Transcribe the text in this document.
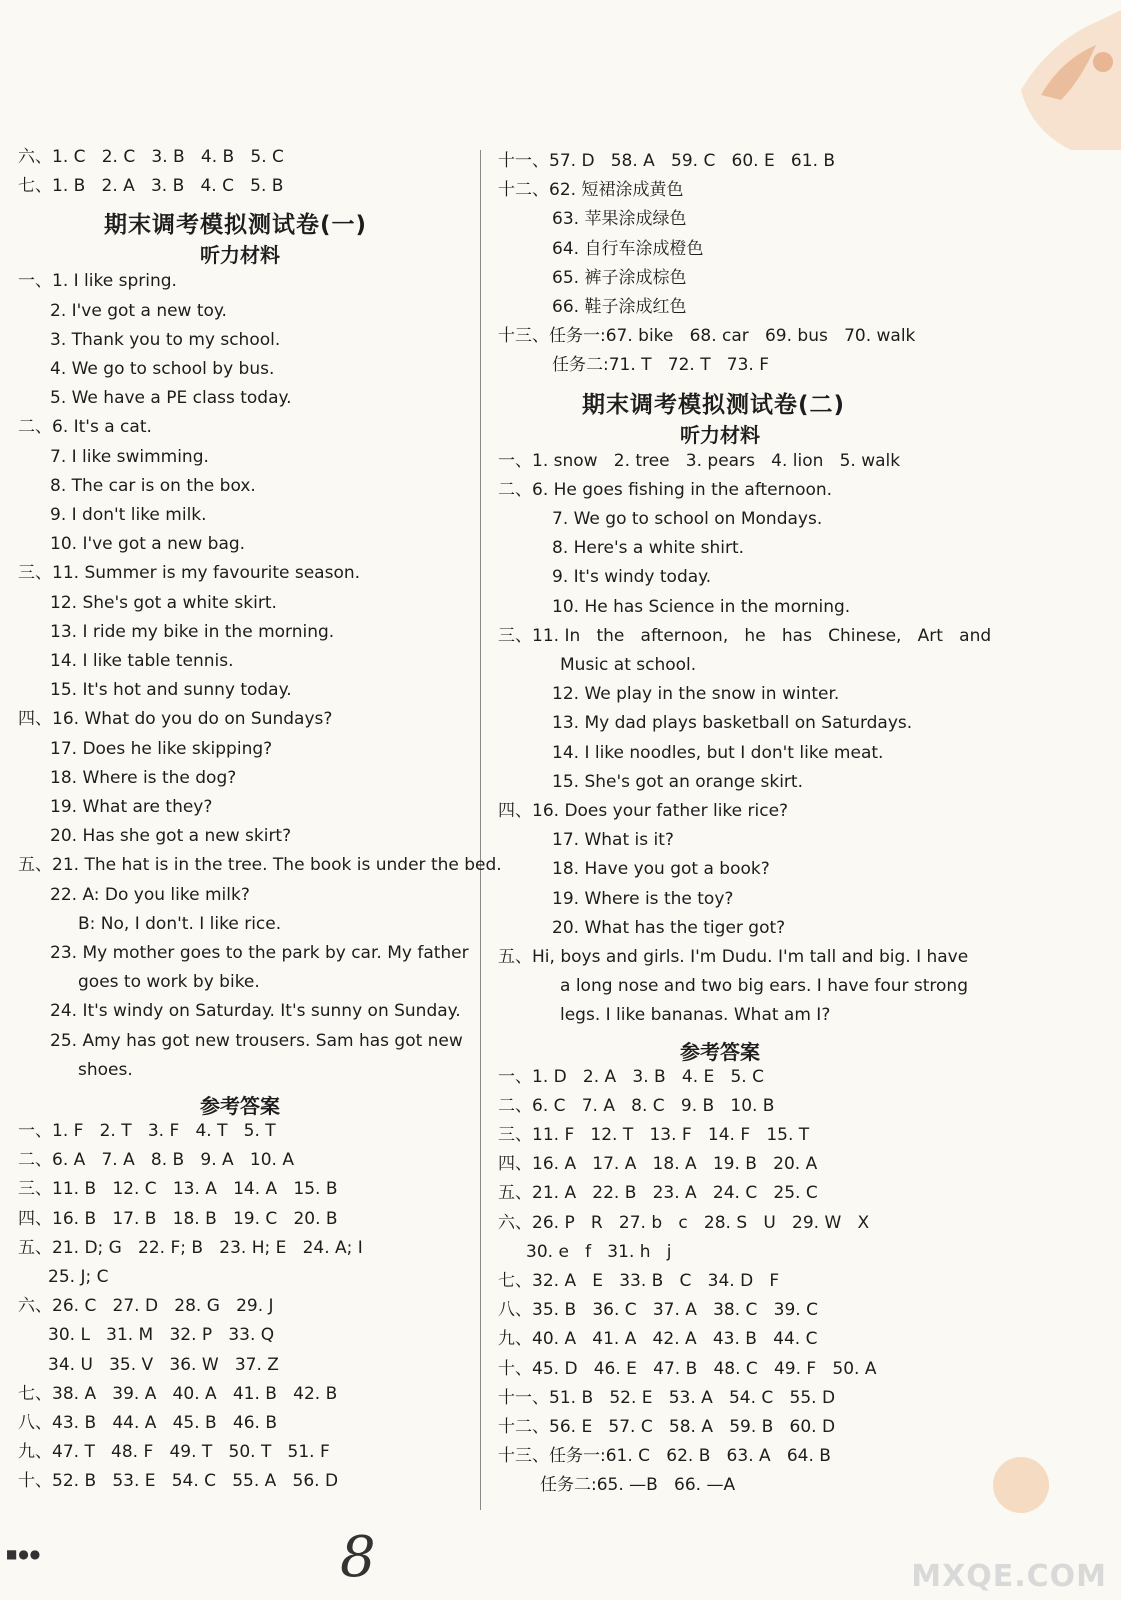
六、1. C   2. C   3. B   4. B   5. C
七、1. B   2. A   3. B   4. C   5. B
期末调考模拟测试卷(一)
听力材料
一、1. I like spring.
2. I've got a new toy.
3. Thank you to my school.
4. We go to school by bus.
5. We have a PE class today.
二、6. It's a cat.
7. I like swimming.
8. The car is on the box.
9. I don't like milk.
10. I've got a new bag.
三、11. Summer is my favourite season.
12. She's got a white skirt.
13. I ride my bike in the morning.
14. I like table tennis.
15. It's hot and sunny today.
四、16. What do you do on Sundays?
17. Does he like skipping?
18. Where is the dog?
19. What are they?
20. Has she got a new skirt?
五、21. The hat is in the tree. The book is under the bed.
22. A: Do you like milk?
B: No, I don't. I like rice.
23. My mother goes to the park by car. My father
goes to work by bike.
24. It's windy on Saturday. It's sunny on Sunday.
25. Amy has got new trousers. Sam has got new
shoes.
参考答案
一、1. F   2. T   3. F   4. T   5. T
二、6. A   7. A   8. B   9. A   10. A
三、11. B   12. C   13. A   14. A   15. B
四、16. B   17. B   18. B   19. C   20. B
五、21. D; G   22. F; B   23. H; E   24. A; I
25. J; C
六、26. C   27. D   28. G   29. J
30. L   31. M   32. P   33. Q
34. U   35. V   36. W   37. Z
七、38. A   39. A   40. A   41. B   42. B
八、43. B   44. A   45. B   46. B
九、47. T   48. F   49. T   50. T   51. F
十、52. B   53. E   54. C   55. A   56. D
十一、57. D   58. A   59. C   60. E   61. B
十二、62. 短裙涂成黄色
63. 苹果涂成绿色
64. 自行车涂成橙色
65. 裤子涂成棕色
66. 鞋子涂成红色
十三、任务一:67. bike   68. car   69. bus   70. walk
任务二:71. T   72. T   73. F
期末调考模拟测试卷(二)
听力材料
一、1. snow   2. tree   3. pears   4. lion   5. walk
二、6. He goes fishing in the afternoon.
7. We go to school on Mondays.
8. Here's a white shirt.
9. It's windy today.
10. He has Science in the morning.
三、11. In   the   afternoon,   he   has   Chinese,   Art   and
Music at school.
12. We play in the snow in winter.
13. My dad plays basketball on Saturdays.
14. I like noodles, but I don't like meat.
15. She's got an orange skirt.
四、16. Does your father like rice?
17. What is it?
18. Have you got a book?
19. Where is the toy?
20. What has the tiger got?
五、Hi, boys and girls. I'm Dudu. I'm tall and big. I have
a long nose and two big ears. I have four strong
legs. I like bananas. What am I?
参考答案
一、1. D   2. A   3. B   4. E   5. C
二、6. C   7. A   8. C   9. B   10. B
三、11. F   12. T   13. F   14. F   15. T
四、16. A   17. A   18. A   19. B   20. A
五、21. A   22. B   23. A   24. C   25. C
六、26. P   R   27. b   c   28. S   U   29. W   X
30. e   f   31. h   j
七、32. A   E   33. B   C   34. D   F
八、35. B   36. C   37. A   38. C   39. C
九、40. A   41. A   42. A   43. B   44. C
十、45. D   46. E   47. B   48. C   49. F   50. A
十一、51. B   52. E   53. A   54. C   55. D
十二、56. E   57. C   58. A   59. B   60. D
十三、任务一:61. C   62. B   63. A   64. B
任务二:65. —B   66. —A
■●●	8	MXQE.COM
